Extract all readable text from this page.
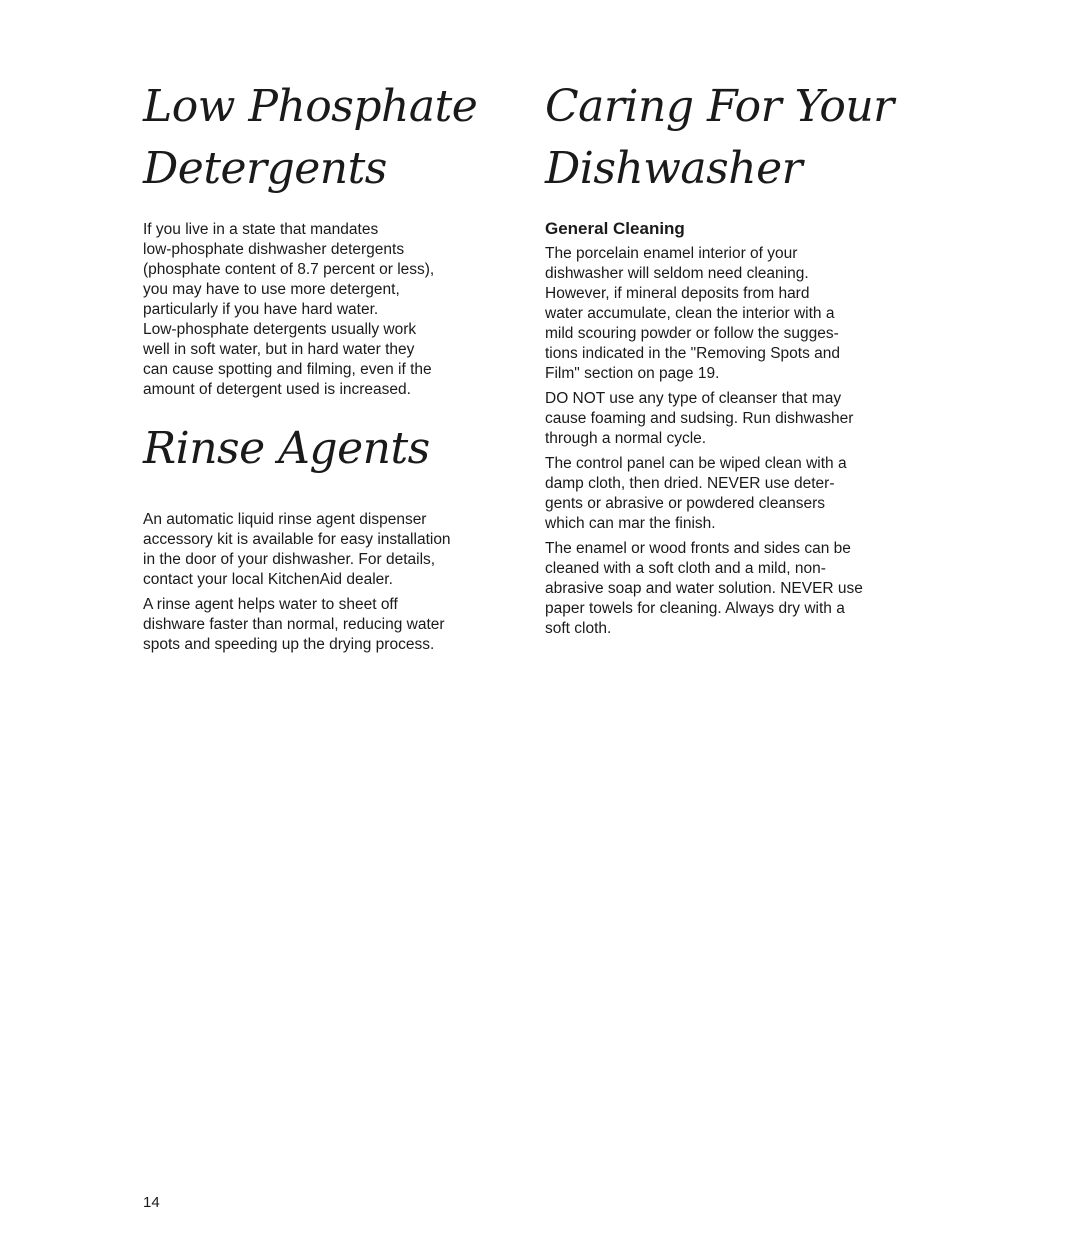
Low Phosphate
Detergents

If you live in a state that mandates
low-phosphate dishwasher detergents
(phosphate content of 8.7 percent or less),
you may have to use more detergent,
particularly if you have hard water.
Low-phosphate detergents usually work
well in soft water, but in hard water they
can cause spotting and filming, even if the
amount of detergent used is increased.

Rinse Agents

An automatic liquid rinse agent dispenser
accessory kit is available for easy installation
in the door of your dishwasher. For details,
contact your local KitchenAid dealer.

A rinse agent helps water to sheet off
dishware faster than normal, reducing water
spots and speeding up the drying process.

Caring For Your
Dishwasher
General Cleaning

The porcelain enamel interior of your
dishwasher will seldom need cleaning.
However, if mineral deposits from hard
water accumulate, clean the interior with a
mild scouring powder or follow the sugges-
tions indicated in the "Removing Spots and
Film" section on page 19.

DO NOT use any type of cleanser that may
cause foaming and sudsing. Run dishwasher
through a normal cycle.

The control panel can be wiped clean with a
damp cloth, then dried. NEVER use deter-
gents or abrasive or powdered cleansers
which can mar the finish.

The enamel or wood fronts and sides can be
cleaned with a soft cloth and a mild, non-
abrasive soap and water solution. NEVER use
paper towels for cleaning. Always dry with a
soft cloth.

14
